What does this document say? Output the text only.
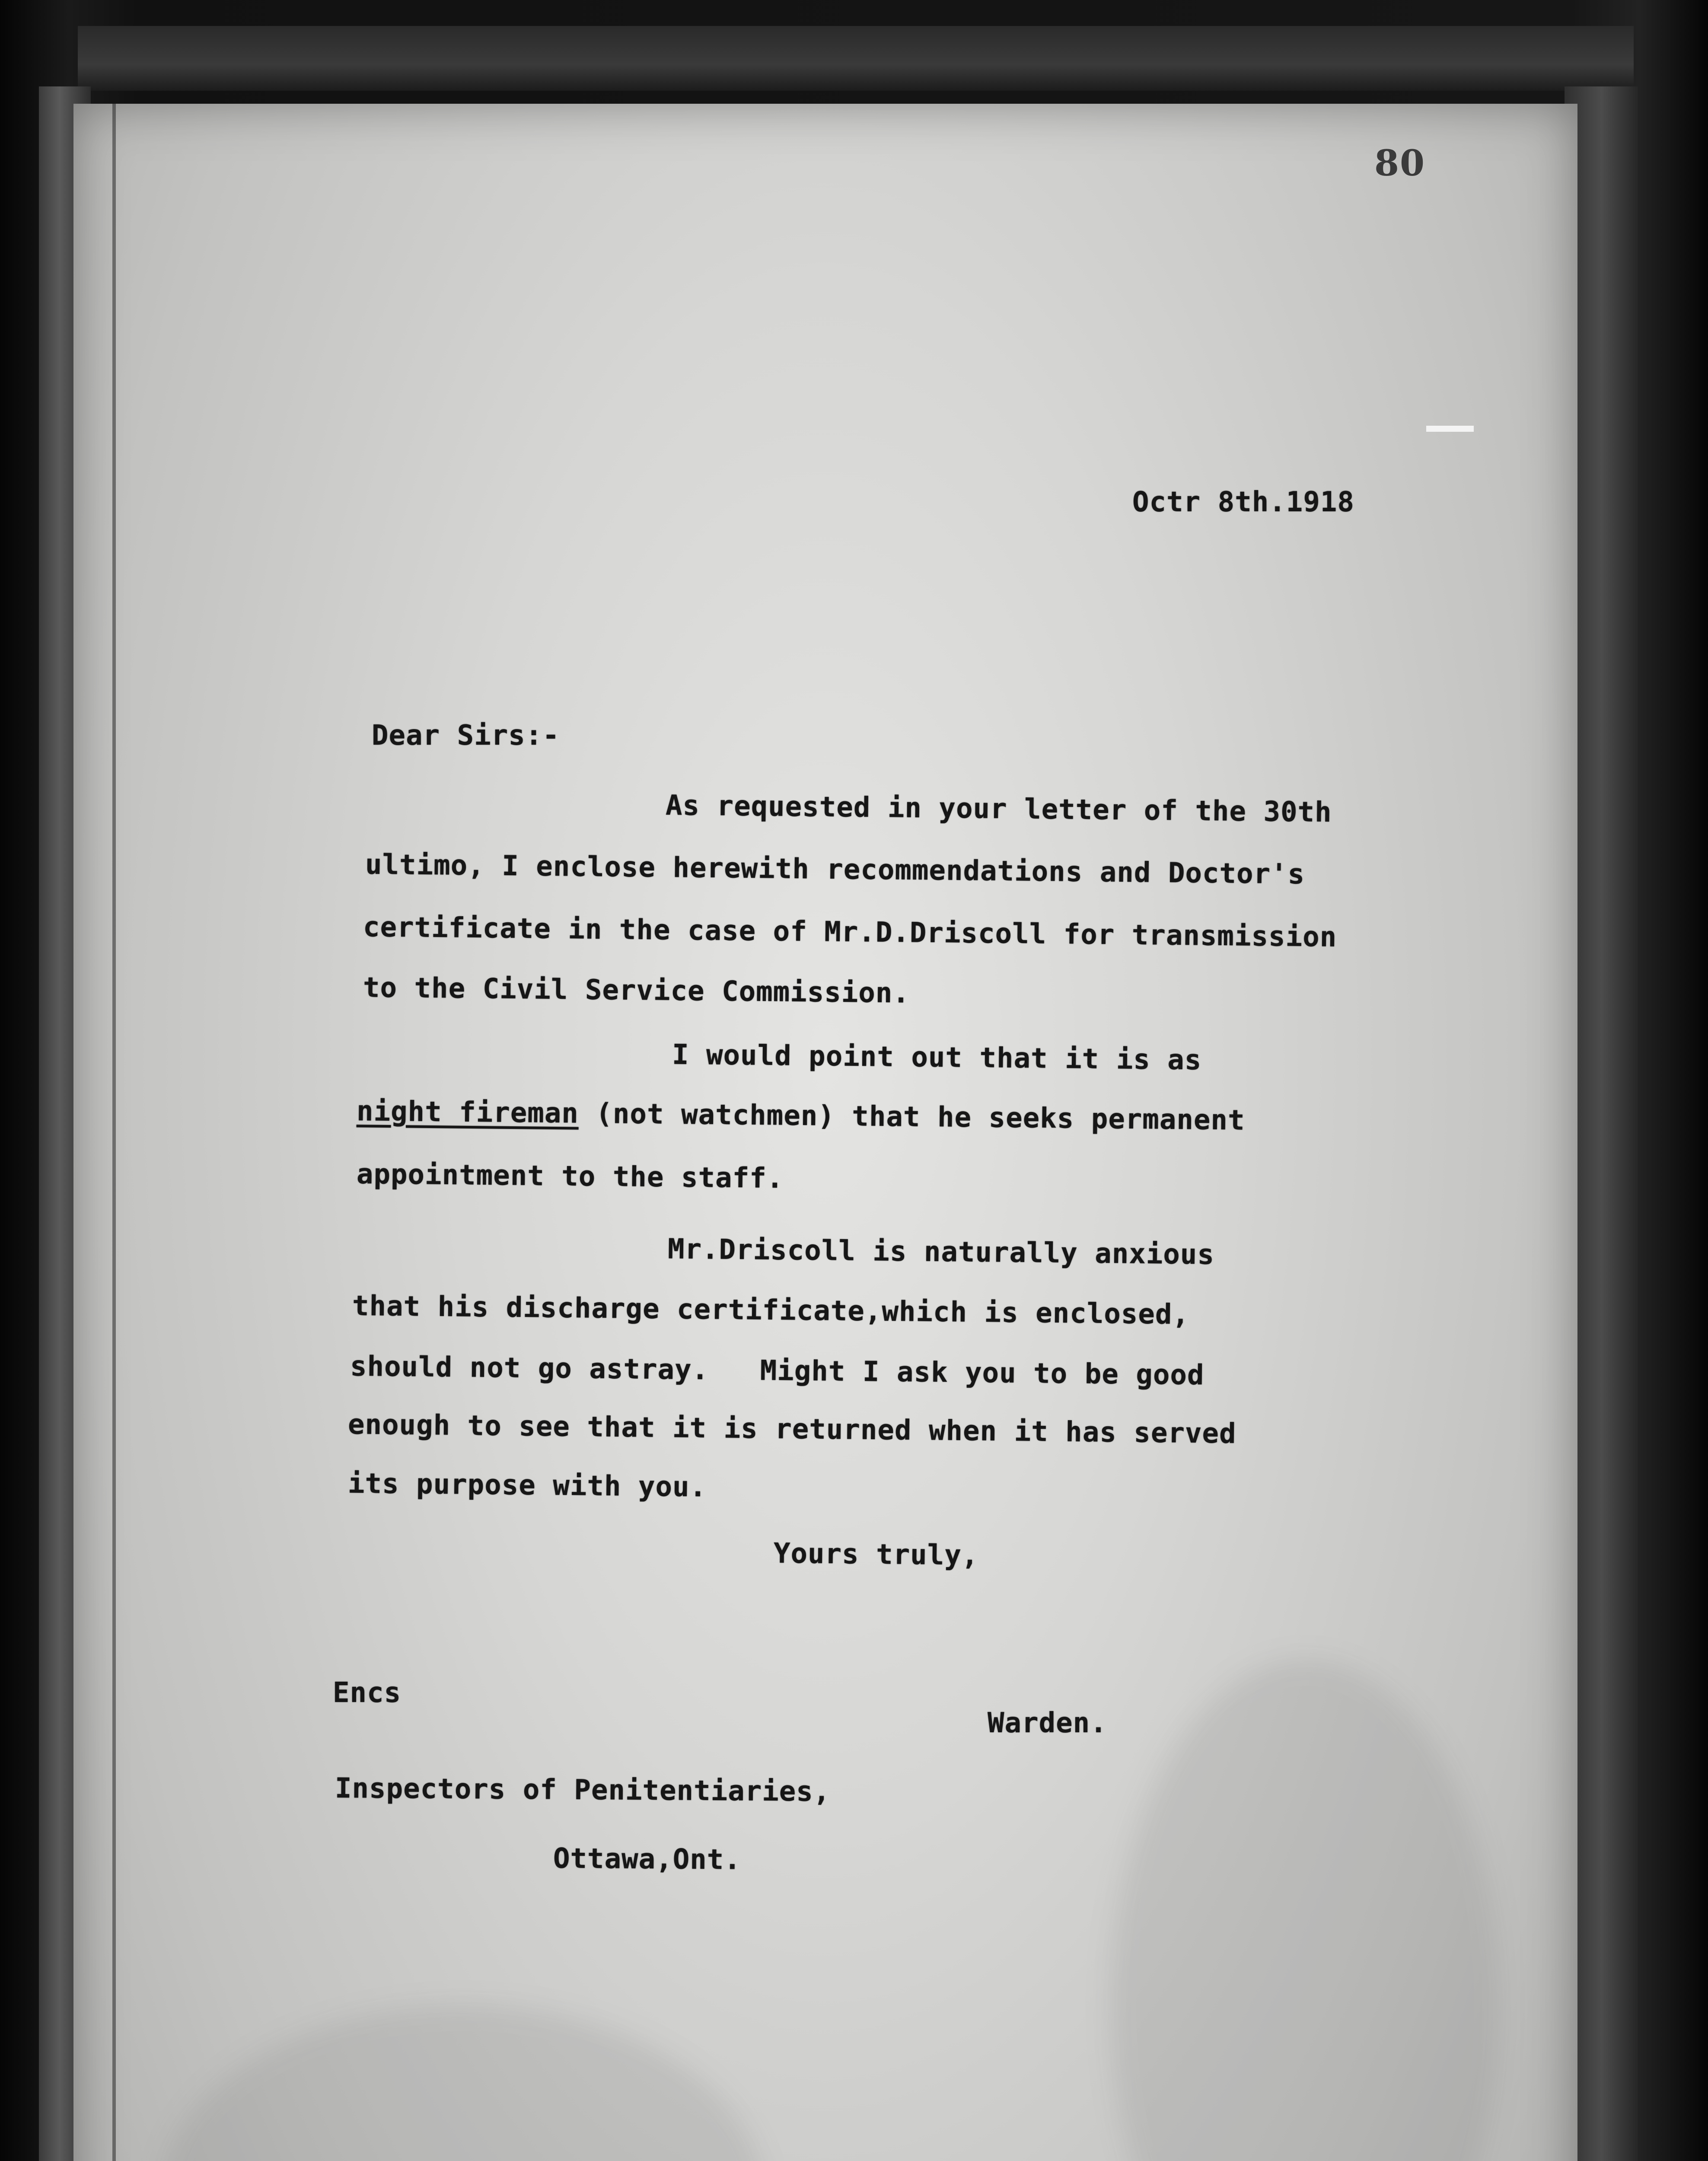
80
Octr 8th.1918
Dear Sirs:-
As requested in your letter of the 30th
ultimo, I enclose herewith recommendations and Doctor's
certificate in the case of Mr.D.Driscoll for transmission
to the Civil Service Commission.
I would point out that it is as
night fireman (not watchmen) that he seeks permanent
appointment to the staff.
Mr.Driscoll is naturally anxious
that his discharge certificate,which is enclosed,
should not go astray.   Might I ask you to be good
enough to see that it is returned when it has served
its purpose with you.
Yours truly,
Encs
Warden.
Inspectors of Penitentiaries,
Ottawa,Ont.
